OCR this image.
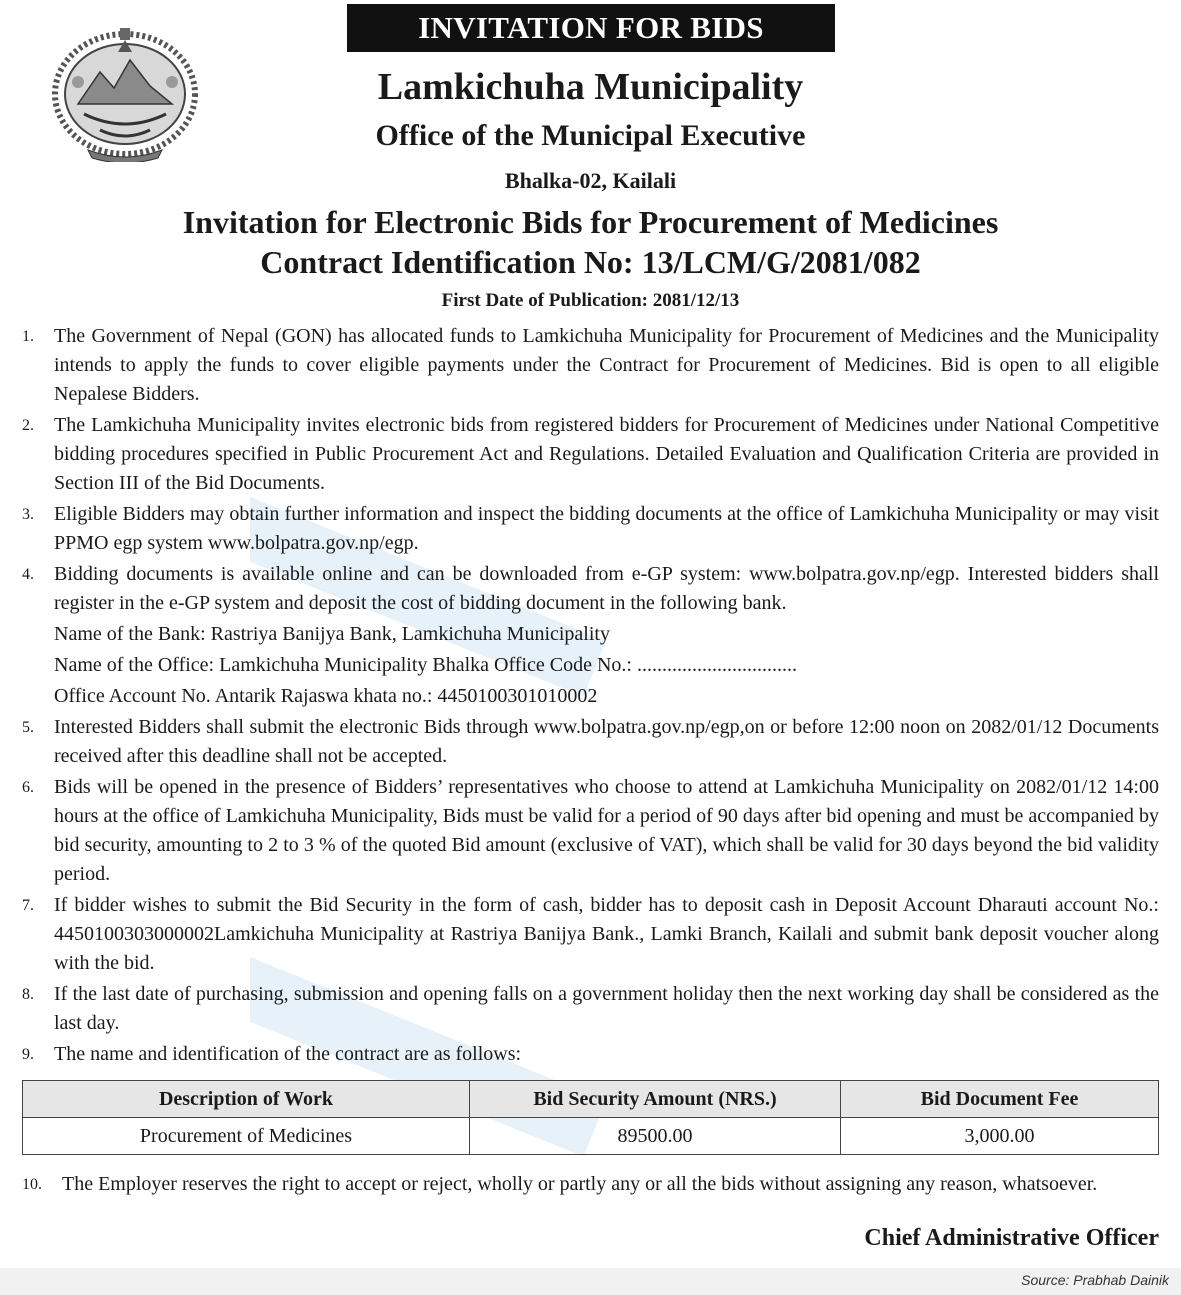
INVITATION FOR BIDS
Lamkichuha Municipality
Office of the Municipal Executive
Bhalka-02, Kailali
Invitation for Electronic Bids for Procurement of Medicines
Contract Identification No: 13/LCM/G/2081/082
First Date of Publication: 2081/12/13
1. The Government of Nepal (GON) has allocated funds to Lamkichuha Municipality for Procurement of Medicines and the Municipality intends to apply the funds to cover eligible payments under the Contract for Procurement of Medicines. Bid is open to all eligible Nepalese Bidders.
2. The Lamkichuha Municipality invites electronic bids from registered bidders for Procurement of Medicines under National Competitive bidding procedures specified in Public Procurement Act and Regulations. Detailed Evaluation and Qualification Criteria are provided in Section III of the Bid Documents.
3. Eligible Bidders may obtain further information and inspect the bidding documents at the office of Lamkichuha Municipality or may visit PPMO egp system www.bolpatra.gov.np/egp.
4. Bidding documents is available online and can be downloaded from e-GP system: www.bolpatra.gov.np/egp. Interested bidders shall register in the e-GP system and deposit the cost of bidding document in the following bank.
Name of the Bank: Rastriya Banijya Bank, Lamkichuha Municipality
Name of the Office: Lamkichuha Municipality Bhalka Office Code No.: ................................
Office Account No. Antarik Rajaswa khata no.: 4450100301010002
5. Interested Bidders shall submit the electronic Bids through www.bolpatra.gov.np/egp,on or before 12:00 noon on 2082/01/12 Documents received after this deadline shall not be accepted.
6. Bids will be opened in the presence of Bidders’ representatives who choose to attend at Lamkichuha Municipality on 2082/01/12 14:00 hours at the office of Lamkichuha Municipality, Bids must be valid for a period of 90 days after bid opening and must be accompanied by bid security, amounting to 2 to 3 % of the quoted Bid amount (exclusive of VAT), which shall be valid for 30 days beyond the bid validity period.
7. If bidder wishes to submit the Bid Security in the form of cash, bidder has to deposit cash in Deposit Account Dharauti account No.: 4450100303000002Lamkichuha Municipality at Rastriya Banijya Bank., Lamki Branch, Kailali and submit bank deposit voucher along with the bid.
8. If the last date of purchasing, submission and opening falls on a government holiday then the next working day shall be considered as the last day.
9. The name and identification of the contract are as follows:
Description of Work	Bid Security Amount (NRS.)	Bid Document Fee
Procurement of Medicines	89500.00	3,000.00
10. The Employer reserves the right to accept or reject, wholly or partly any or all the bids without assigning any reason, whatsoever.
Chief Administrative Officer
Source: Prabhab Dainik
